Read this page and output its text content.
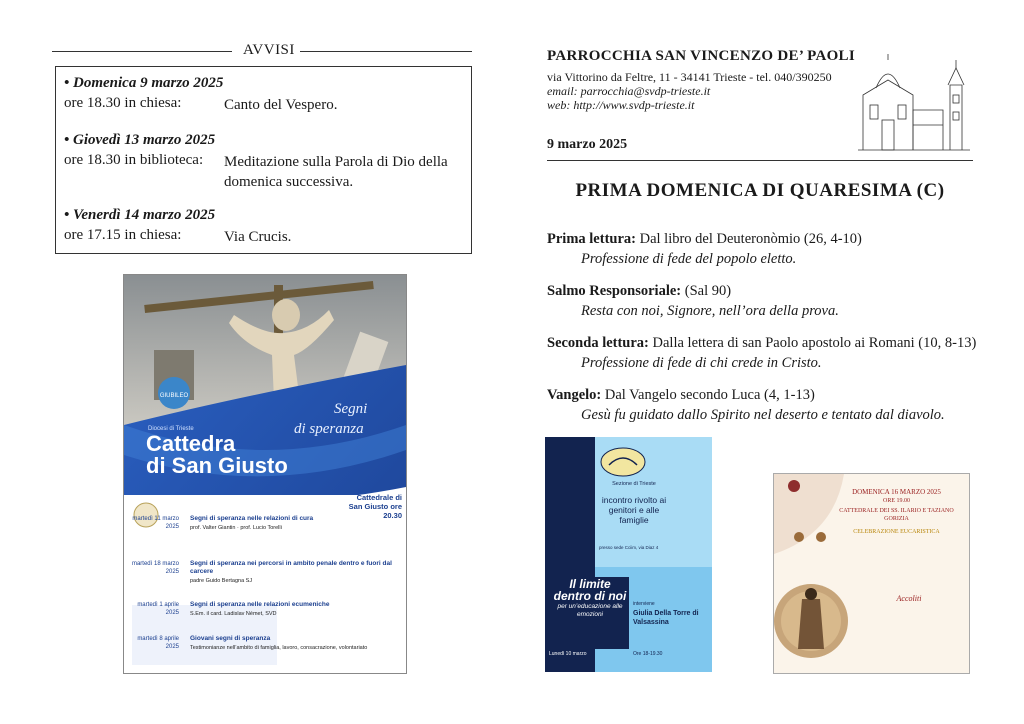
AVVISI
• Domenica 9 marzo 2025
ore 18.30 in chiesa:	Canto del Vespero.
• Giovedì 13 marzo 2025
ore 18.30 in biblioteca: Meditazione sulla Parola di Dio della domenica successiva.
• Venerdì 14 marzo 2025
ore 17.15 in chiesa:	Via Crucis.
GIUBILEO
Segni
di speranza
Diocesi di Trieste
Cattedra
di San Giusto
Cattedrale di San Giusto ore 20.30
martedì 11 marzo 2025
Segni di speranza nelle relazioni di cura
prof. Valter Giantin · prof. Lucio Torelli
martedì 18 marzo 2025
Segni di speranza nei percorsi in ambito penale dentro e fuori dal carcere
padre Guido Bertagna SJ
martedì 1 aprile 2025
Segni di speranza nelle relazioni ecumeniche
S.Em. il card. Ladislav Német, SVD
martedì 8 aprile 2025
Giovani segni di speranza
Testimonianze nell’ambito di famiglia, lavoro, consacrazione, volontariato
PARROCCHIA SAN VINCENZO DE’ PAOLI
via Vittorino da Feltre, 11 - 34141 Trieste - tel. 040/390250
email: parrocchia@svdp-trieste.it
web: http://www.svdp-trieste.it
9 marzo 2025
PRIMA DOMENICA DI QUARESIMA (C)
Prima lettura: Dal libro del Deuteronòmio (26, 4-10)
Professione di fede del popolo eletto.
Salmo Responsoriale: (Sal 90)
Resta con noi, Signore, nell’ora della prova.
Seconda lettura: Dalla lettera di san Paolo apostolo ai Romani (10, 8-13)
Professione di fede di chi crede in Cristo.
Vangelo: Dal Vangelo secondo Luca (4, 1-13)
Gesù fu guidato dallo Spirito nel deserto e tentato dal diavolo.
Sezione di Trieste
incontro rivolto ai genitori e alle famiglie
presso sede Cciim, via Diaz 4
Il limite
dentro di noi
per un’educazione alle emozioni
interviene
Giulia Della Torre di Valsassina
Lunedì 10 marzo	Ore 18-19.30
DOMENICA 16 MARZO 2025
ORE 19.00
CATTEDRALE DEI SS. ILARIO E TAZIANO GORIZIA
CELEBRAZIONE EUCARISTICA
Accoliti
